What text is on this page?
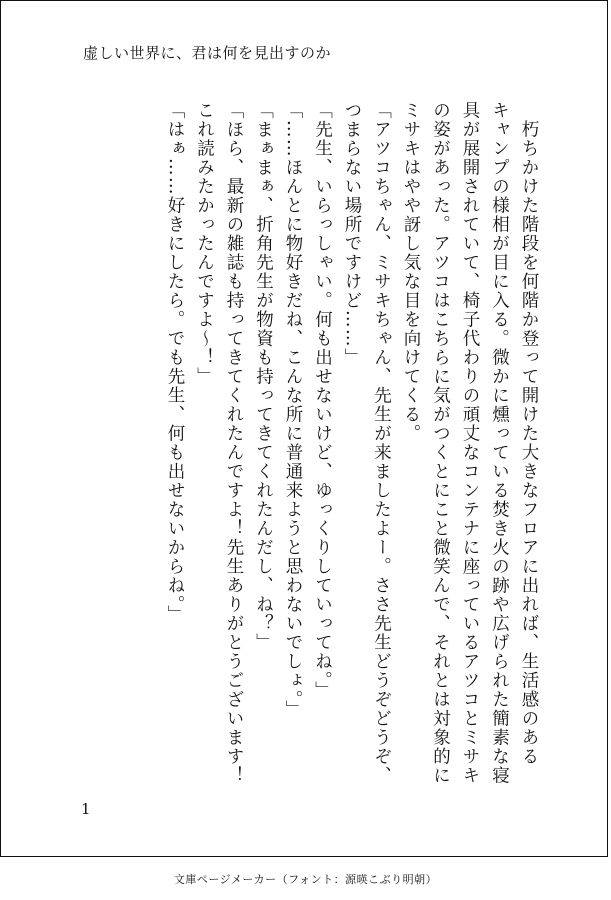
虚しい世界に、君は何を見出すのか

　朽ちかけた階段を何階か登って開けた大きなフロアに出れば、生活感のある

キャンプの様相が目に入る。微かに燻っている焚き火の跡や広げられた簡素な寝

具が展開されていて、椅子代わりの頑丈なコンテナに座っているアツコとミサキ

の姿があった。アツコはこちらに気がつくとにこと微笑んで、それとは対象的に

ミサキはやや訝し気な目を向けてくる。

「アツコちゃん、ミサキちゃん、先生が来ましたよー。ささ先生どうぞどうぞ、

つまらない場所ですけど……」

「先生、いらっしゃい。何も出せないけど、ゆっくりしていってね。」

「……ほんとに物好きだね、こんな所に普通来ようと思わないでしょ。」

「まぁまぁ、折角先生が物資も持ってきてくれたんだし、ね？」

「ほら、最新の雑誌も持ってきてくれたんですよ！先生ありがとうございます！

これ読みたかったんですよ〜！」

「はぁ……好きにしたら。でも先生、何も出せないからね。」

1
文庫ページメーカー（フォント：源暎こぶり明朝）
